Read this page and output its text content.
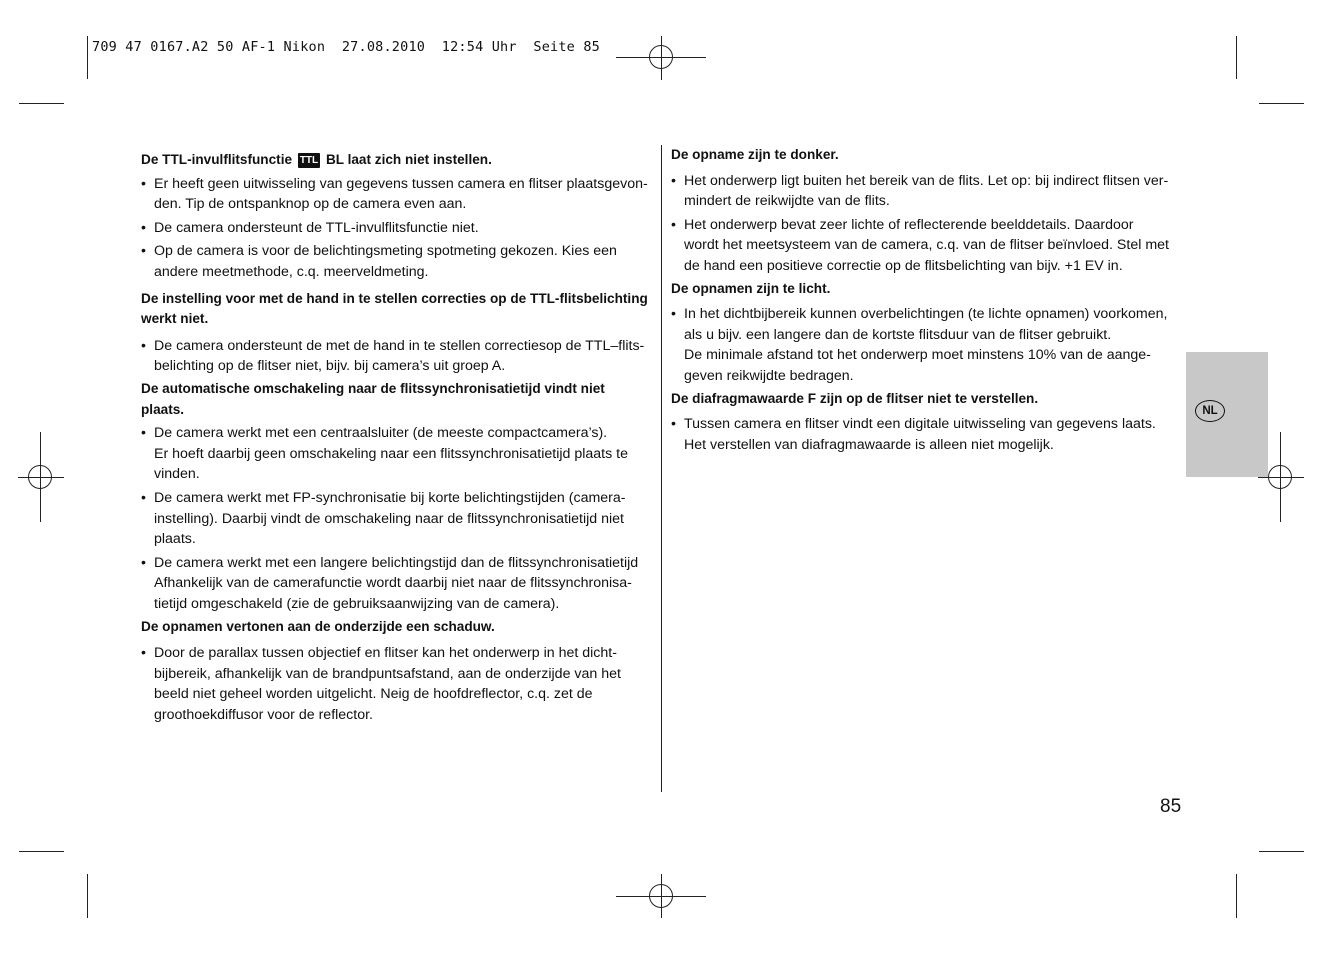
709 47 0167.A2 50 AF-1 Nikon  27.08.2010  12:54 Uhr  Seite 85

De TTL-invulflitsfunctie TTL BL laat zich niet instellen.

• Er heeft geen uitwisseling van gegevens tussen camera en flitser plaatsgevon-
den. Tip de ontspanknop op de camera even aan.
• De camera ondersteunt de TTL-invulflitsfunctie niet.
• Op de camera is voor de belichtingsmeting spotmeting gekozen. Kies een
andere meetmethode, c.q. meerveldmeting.

De instelling voor met de hand in te stellen correcties op de TTL-flitsbelichting
werkt niet.

• De camera ondersteunt de met de hand in te stellen correctiesop de TTL–flits-
belichting op de flitser niet, bijv. bij camera’s uit groep A.

De automatische omschakeling naar de flitssynchronisatietijd vindt niet
plaats.

• De camera werkt met een centraalsluiter (de meeste compactcamera’s).
Er hoeft daarbij geen omschakeling naar een flitssynchronisatietijd plaats te
vinden.
• De camera werkt met FP-synchronisatie bij korte belichtingstijden (camera-
instelling). Daarbij vindt de omschakeling naar de flitssynchronisatietijd niet
plaats.
• De camera werkt met een langere belichtingstijd dan de flitssynchronisatietijd
Afhankelijk van de camerafunctie wordt daarbij niet naar de flitssynchronisa-
tietijd omgeschakeld (zie de gebruiksaanwijzing van de camera).

De opnamen vertonen aan de onderzijde een schaduw.

• Door de parallax tussen objectief en flitser kan het onderwerp in het dicht-
bijbereik, afhankelijk van de brandpuntsafstand, aan de onderzijde van het
beeld niet geheel worden uitgelicht. Neig de hoofdreflector, c.q. zet de
groothoekdiffusor voor de reflector.

De opname zijn te donker.

• Het onderwerp ligt buiten het bereik van de flits. Let op: bij indirect flitsen ver-
mindert de reikwijdte van de flits.
• Het onderwerp bevat zeer lichte of reflecterende beelddetails. Daardoor
wordt het meetsysteem van de camera, c.q. van de flitser beïnvloed. Stel met
de hand een positieve correctie op de flitsbelichting van bijv. +1 EV in.

De opnamen zijn te licht.

• In het dichtbijbereik kunnen overbelichtingen (te lichte opnamen) voorkomen,
als u bijv. een langere dan de kortste flitsduur van de flitser gebruikt.
De minimale afstand tot het onderwerp moet minstens 10% van de aange-
geven reikwijdte bedragen.

De diafragmawaarde F zijn op de flitser niet te verstellen.

• Tussen camera en flitser vindt een digitale uitwisseling van gegevens laats.
Het verstellen van diafragmawaarde is alleen niet mogelijk.
NL
85
